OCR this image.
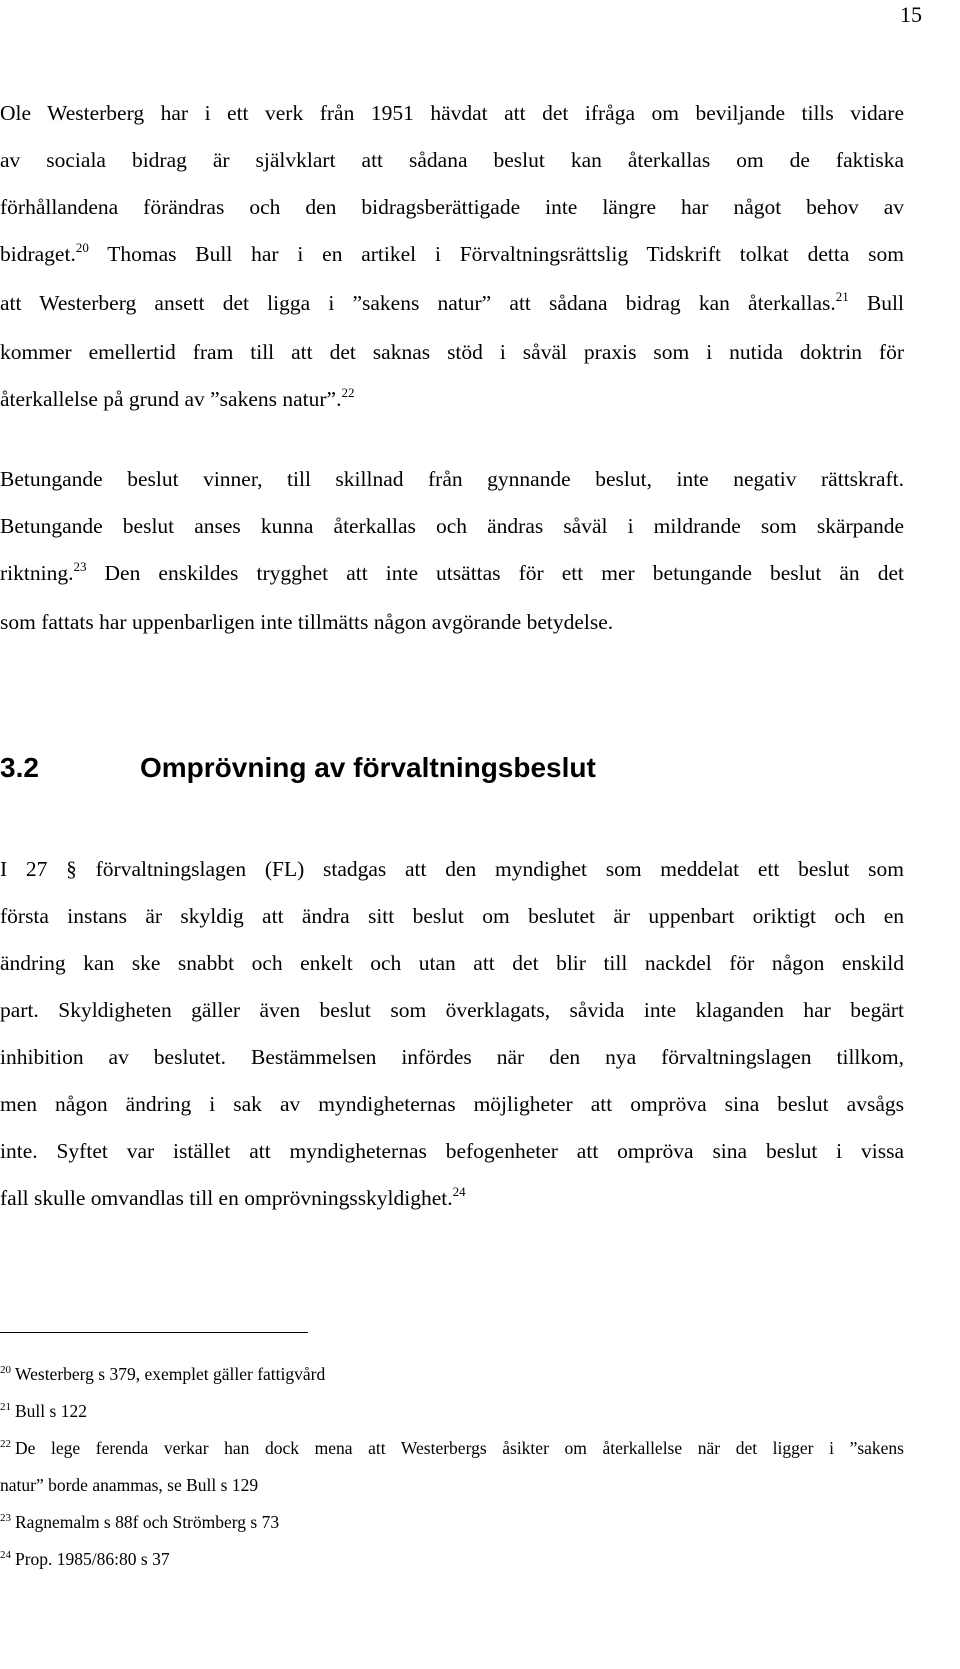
15
Ole Westerberg har i ett verk från 1951 hävdat att det ifråga om beviljande tills vidare
av sociala bidrag är självklart att sådana beslut kan återkallas om de faktiska
förhållandena förändras och den bidragsberättigade inte längre har något behov av
bidraget.$^{20}$ Thomas Bull har i en artikel i Förvaltningsrättslig Tidskrift tolkat detta som
att Westerberg ansett det ligga i ”sakens natur” att sådana bidrag kan återkallas.$^{21}$ Bull
kommer emellertid fram till att det saknas stöd i såväl praxis som i nutida doktrin för
återkallelse på grund av ”sakens natur”.$^{22}$
Betungande beslut vinner, till skillnad från gynnande beslut, inte negativ rättskraft.
Betungande beslut anses kunna återkallas och ändras såväl i mildrande som skärpande
riktning.$^{23}$ Den enskildes trygghet att inte utsättas för ett mer betungande beslut än det
som fattats har uppenbarligen inte tillmätts någon avgörande betydelse.
3.2	Omprövning av förvaltningsbeslut
I 27 § förvaltningslagen (FL) stadgas att den myndighet som meddelat ett beslut som
första instans är skyldig att ändra sitt beslut om beslutet är uppenbart oriktigt och en
ändring kan ske snabbt och enkelt och utan att det blir till nackdel för någon enskild
part. Skyldigheten gäller även beslut som överklagats, såvida inte klaganden har begärt
inhibition av beslutet. Bestämmelsen infördes när den nya förvaltningslagen tillkom,
men någon ändring i sak av myndigheternas möjligheter att ompröva sina beslut avsågs
inte. Syftet var istället att myndigheternas befogenheter att ompröva sina beslut i vissa
fall skulle omvandlas till en omprövningsskyldighet.$^{24}$
$^{20}$ Westerberg s 379, exemplet gäller fattigvård
$^{21}$ Bull s 122
$^{22}$ De lege ferenda verkar han dock mena att Westerbergs åsikter om återkallelse när det ligger i ”sakens
natur” borde anammas, se Bull s 129
$^{23}$ Ragnemalm s 88f och Strömberg s 73
$^{24}$ Prop. 1985/86:80 s 37
